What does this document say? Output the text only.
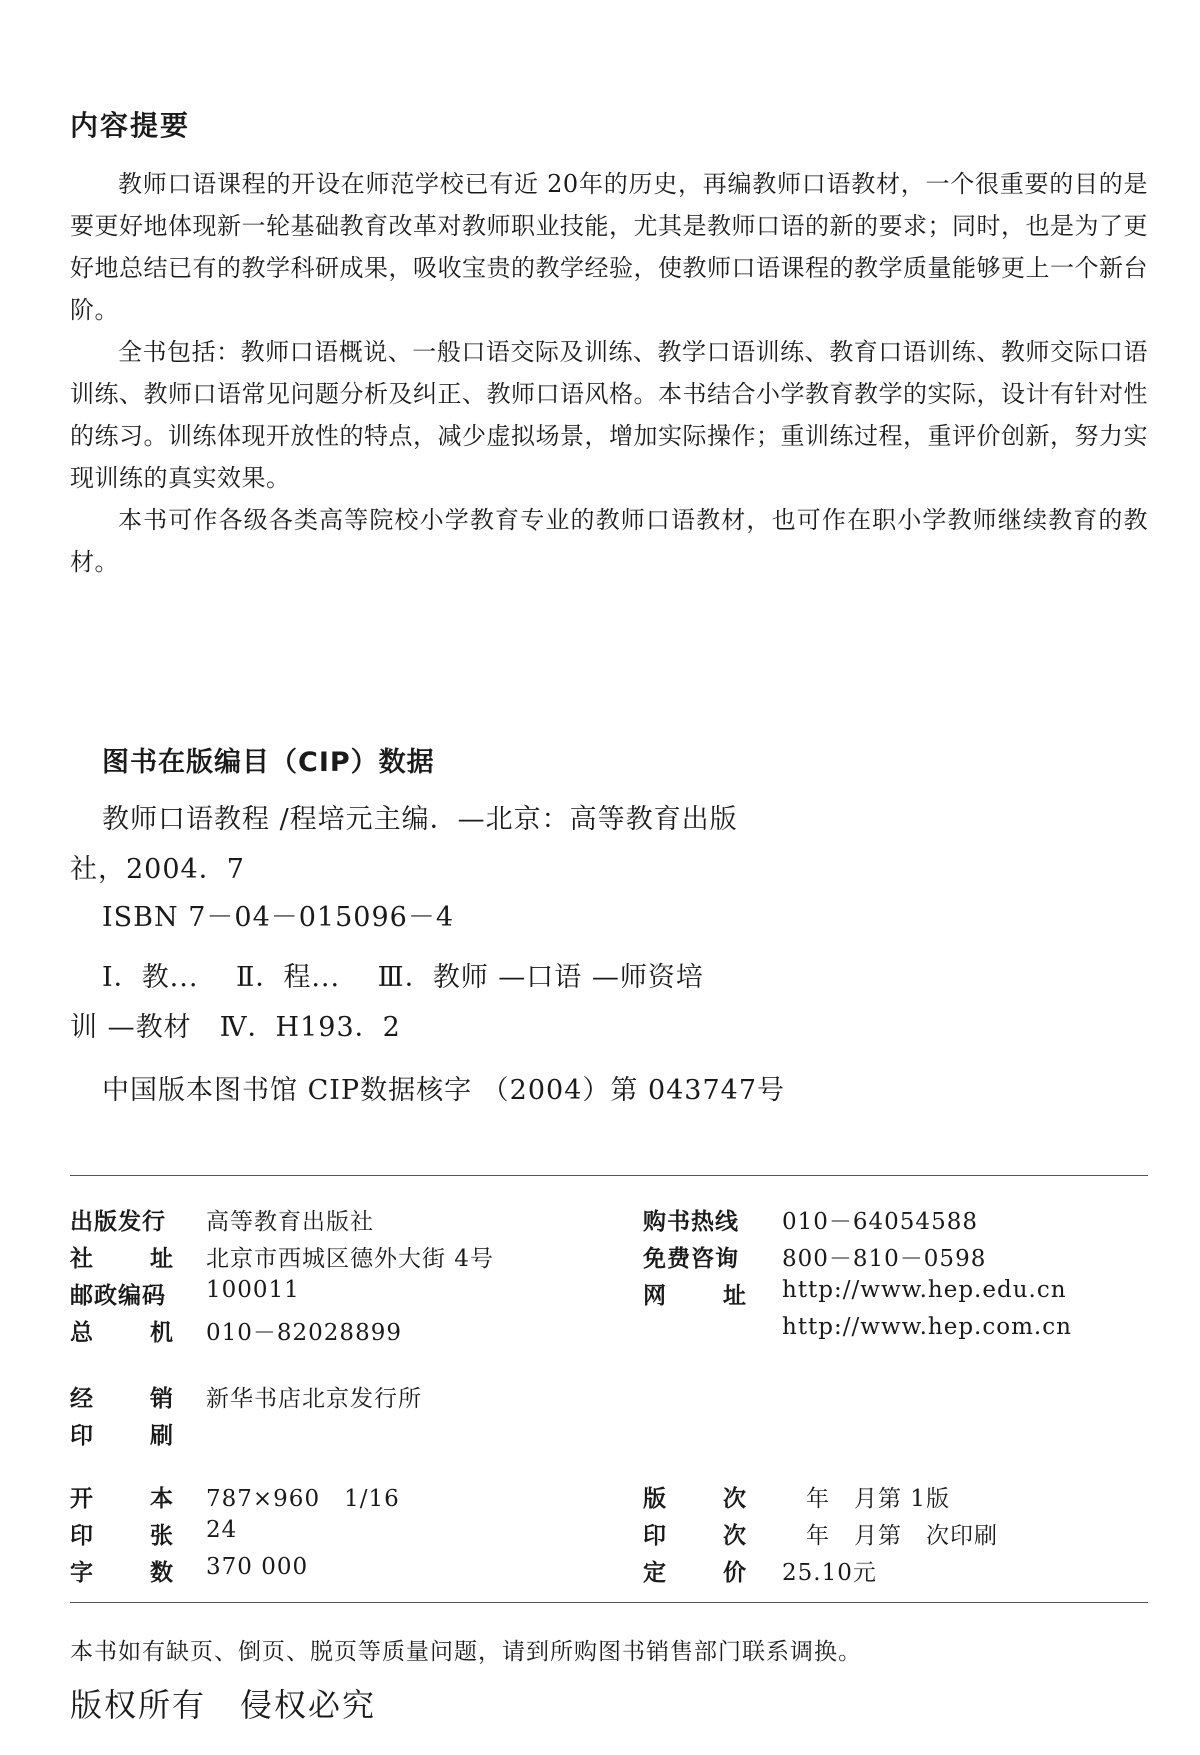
内容提要

教师口语课程的开设在师范学校已有近 20年的历史，再编教师口语教材，一个很重要的目的是要更好地体现新一轮基础教育改革对教师职业技能，尤其是教师口语的新的要求；同时，也是为了更好地总结已有的教学科研成果，吸收宝贵的教学经验，使教师口语课程的教学质量能够更上一个新台阶。

全书包括：教师口语概说、一般口语交际及训练、教学口语训练、教育口语训练、教师交际口语训练、教师口语常见问题分析及纠正、教师口语风格。本书结合小学教育教学的实际，设计有针对性的练习。训练体现开放性的特点，减少虚拟场景，增加实际操作；重训练过程，重评价创新，努力实现训练的真实效果。

本书可作各级各类高等院校小学教育专业的教师口语教材，也可作在职小学教师继续教育的教材。

图书在版编目（CIP）数据
教师口语教程 /程培元主编．—北京：高等教育出版
社，2004．7
ISBN 7－04－015096－4
Ⅰ．教...　 Ⅱ．程...　 Ⅲ．教师 —口语 —师资培
训 —教材　Ⅳ．H193．2
中国版本图书馆 CIP数据核字 （2004）第 043747号
出版发行 高等教育出版社
社 址 北京市西城区德外大街 4号
邮政编码 100011
总 机 010－82028899
购书热线 010－64054588
免费咨询 800－810－0598
网 址 http://www.hep.edu.cn
http://www.hep.com.cn
经 销 新华书店北京发行所
印 刷
开 本 787×960　1/16
印 张 24
字 数 370 000
版 次 　年　月第 1版
印 次 　年　月第　次印刷
定 价 25.10元
本书如有缺页、倒页、脱页等质量问题，请到所购图书销售部门联系调换。
版权所有　侵权必究
